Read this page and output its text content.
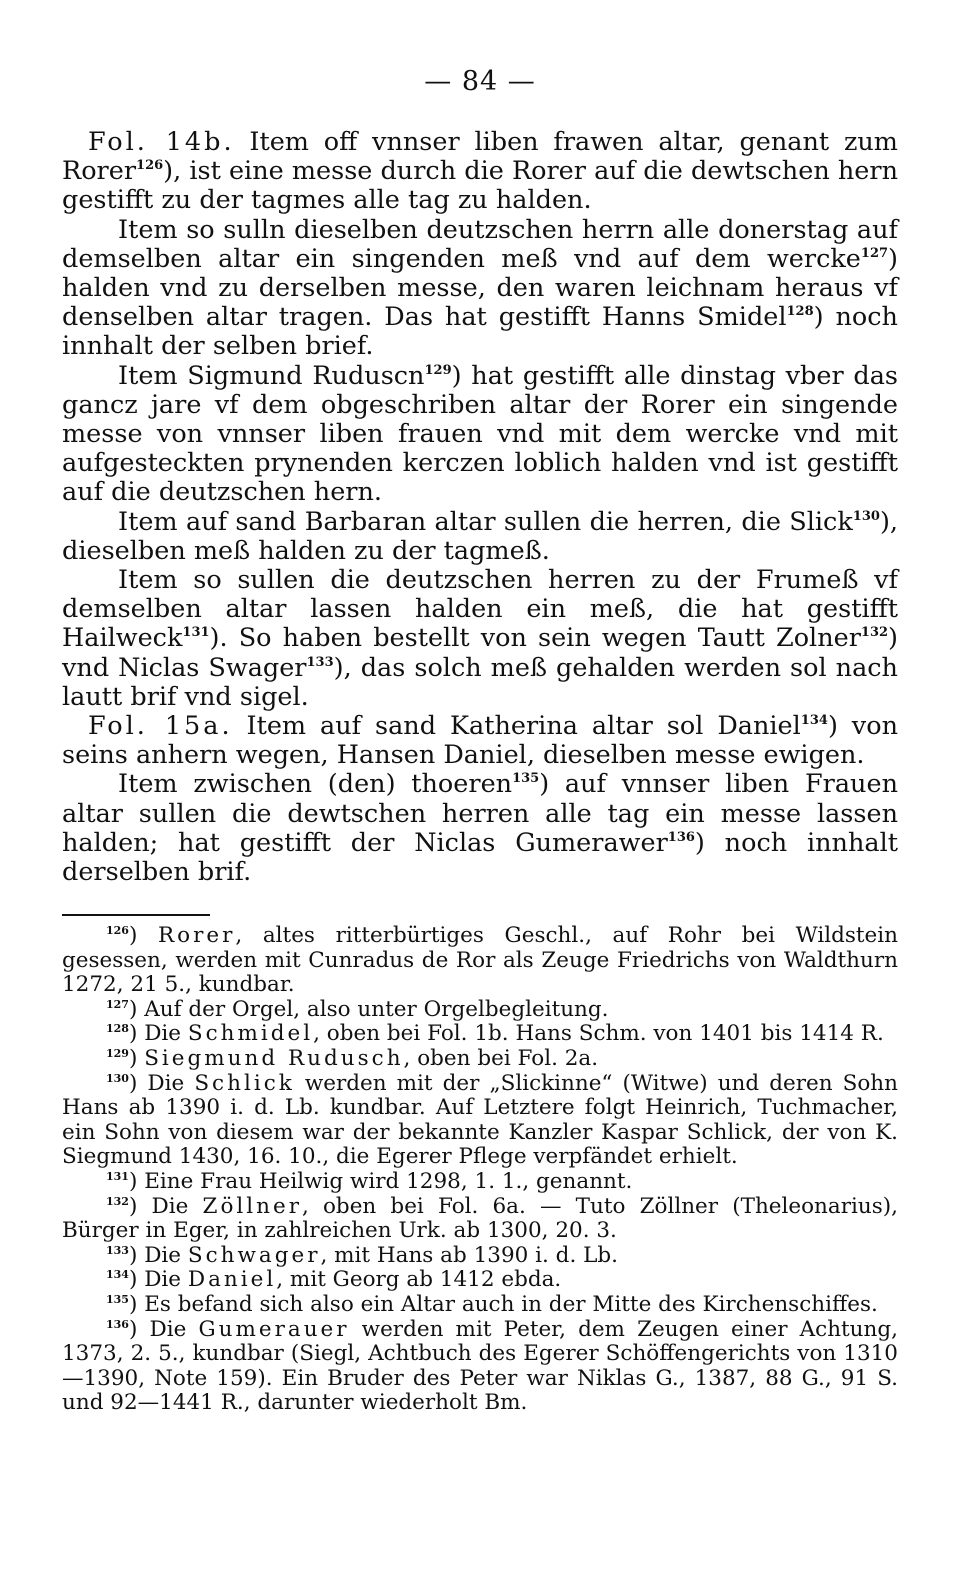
— 84 —

Fol. 14b. Item off vnnser liben frawen altar, genant zum Rorer$^{126}$), ist eine messe durch die Rorer auf die dewtschen hern gestifft zu der tagmes alle tag zu halden.

Item so sulln dieselben deutzschen herrn alle donerstag auf demselben altar ein singenden meß vnd auf dem wercke$^{127}$) halden vnd zu derselben messe, den waren leichnam heraus vf denselben altar tragen. Das hat gestifft Hanns Smidel$^{128}$) noch innhalt der selben brief.

Item Sigmund Ruduscn$^{129}$) hat gestifft alle dinstag vber das gancz jare vf dem obgeschriben altar der Rorer ein singende messe von vnnser liben frauen vnd mit dem wercke vnd mit aufgesteckten prynenden kerczen loblich halden vnd ist gestifft auf die deutzschen hern.

Item auf sand Barbaran altar sullen die herren, die Slick$^{130}$), dieselben meß halden zu der tagmeß.

Item so sullen die deutzschen herren zu der Frumeß vf demselben altar lassen halden ein meß, die hat gestifft Hailweck$^{131}$). So haben bestellt von sein wegen Tautt Zolner$^{132}$) vnd Niclas Swager$^{133}$), das solch meß gehalden werden sol nach lautt brif vnd sigel.

Fol. 15a. Item auf sand Katherina altar sol Daniel$^{134}$) von seins anhern wegen, Hansen Daniel, dieselben messe ewigen.

Item zwischen (den) thoeren$^{135}$) auf vnnser liben Frauen altar sullen die dewtschen herren alle tag ein messe lassen halden; hat gestifft der Niclas Gumerawer$^{136}$) noch innhalt derselben brif.

$^{126}$) Rorer, altes ritterbürtiges Geschl., auf Rohr bei Wildstein gesessen, werden mit Cunradus de Ror als Zeuge Friedrichs von Waldthurn 1272, 21 5., kundbar.

$^{127}$) Auf der Orgel, also unter Orgelbegleitung.

$^{128}$) Die Schmidel, oben bei Fol. 1b. Hans Schm. von 1401 bis 1414 R.

$^{129}$) Siegmund Rudusch, oben bei Fol. 2a.

$^{130}$) Die Schlick werden mit der „Slickinne“ (Witwe) und deren Sohn Hans ab 1390 i. d. Lb. kundbar. Auf Letztere folgt Heinrich, Tuchmacher, ein Sohn von diesem war der bekannte Kanzler Kaspar Schlick, der von K. Siegmund 1430, 16. 10., die Egerer Pflege verpfändet erhielt.

$^{131}$) Eine Frau Heilwig wird 1298, 1. 1., genannt.

$^{132}$) Die Zöllner, oben bei Fol. 6a. — Tuto Zöllner (Theleonarius), Bürger in Eger, in zahlreichen Urk. ab 1300, 20. 3.

$^{133}$) Die Schwager, mit Hans ab 1390 i. d. Lb.

$^{134}$) Die Daniel, mit Georg ab 1412 ebda.

$^{135}$) Es befand sich also ein Altar auch in der Mitte des Kirchenschiffes.

$^{136}$) Die Gumerauer werden mit Peter, dem Zeugen einer Achtung, 1373, 2. 5., kundbar (Siegl, Achtbuch des Egerer Schöffengerichts von 1310—1390, Note 159). Ein Bruder des Peter war Niklas G., 1387, 88 G., 91 S. und 92—1441 R., darunter wiederholt Bm.
